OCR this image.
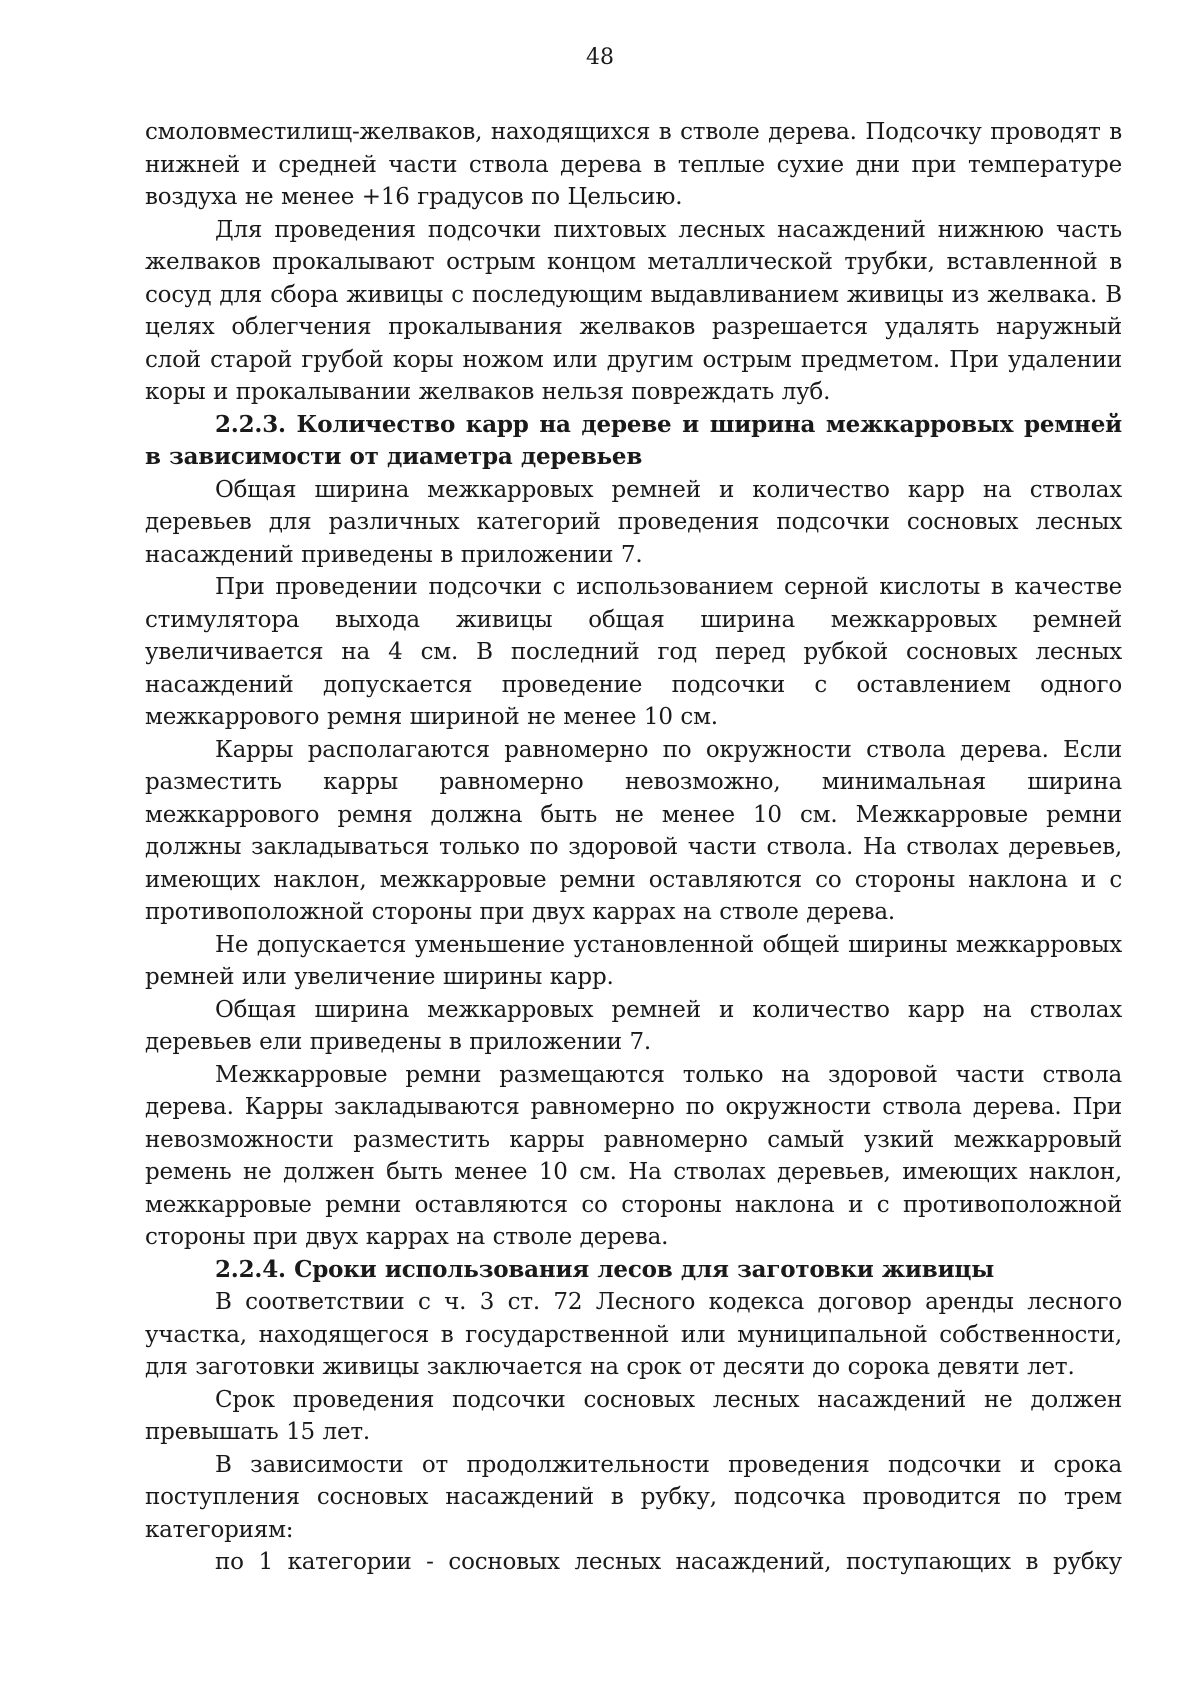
48

смоловместилищ-желваков, находящихся в стволе дерева. Подсочку проводят в нижней и средней части ствола дерева в теплые сухие дни при температуре воздуха не менее +16 градусов по Цельсию.

Для проведения подсочки пихтовых лесных насаждений нижнюю часть желваков прокалывают острым концом металлической трубки, вставленной в сосуд для сбора живицы с последующим выдавливанием живицы из желвака. В целях облегчения прокалывания желваков разрешается удалять наружный слой старой грубой коры ножом или другим острым предметом. При удалении коры и прокалывании желваков нельзя повреждать луб.

2.2.3. Количество карр на дереве и ширина межкарровых ремней в зависимости от диаметра деревьев

Общая ширина межкарровых ремней и количество карр на стволах деревьев для различных категорий проведения подсочки сосновых лесных насаждений приведены в приложении 7.

При проведении подсочки с использованием серной кислоты в качестве стимулятора выхода живицы общая ширина межкарровых ремней увеличивается на 4 см. В последний год перед рубкой сосновых лесных насаждений допускается проведение подсочки с оставлением одного межкаррового ремня шириной не менее 10 см.

Карры располагаются равномерно по окружности ствола дерева. Если разместить карры равномерно невозможно, минимальная ширина межкаррового ремня должна быть не менее 10 см. Межкарровые ремни должны закладываться только по здоровой части ствола. На стволах деревьев, имеющих наклон, межкарровые ремни оставляются со стороны наклона и с противоположной стороны при двух каррах на стволе дерева.

Не допускается уменьшение установленной общей ширины межкарровых ремней или увеличение ширины карр.

Общая ширина межкарровых ремней и количество карр на стволах деревьев ели приведены в приложении 7.

Межкарровые ремни размещаются только на здоровой части ствола дерева. Карры закладываются равномерно по окружности ствола дерева. При невозможности разместить карры равномерно самый узкий межкарровый ремень не должен быть менее 10 см. На стволах деревьев, имеющих наклон, межкарровые ремни оставляются со стороны наклона и с противоположной стороны при двух каррах на стволе дерева.

2.2.4. Сроки использования лесов для заготовки живицы

В соответствии с ч. 3 ст. 72 Лесного кодекса договор аренды лесного участка, находящегося в государственной или муниципальной собственности, для заготовки живицы заключается на срок от десяти до сорока девяти лет.

Срок проведения подсочки сосновых лесных насаждений не должен превышать 15 лет.

В зависимости от продолжительности проведения подсочки и срока поступления сосновых насаждений в рубку, подсочка проводится по трем категориям:

по 1 категории - сосновых лесных насаждений, поступающих в рубку
